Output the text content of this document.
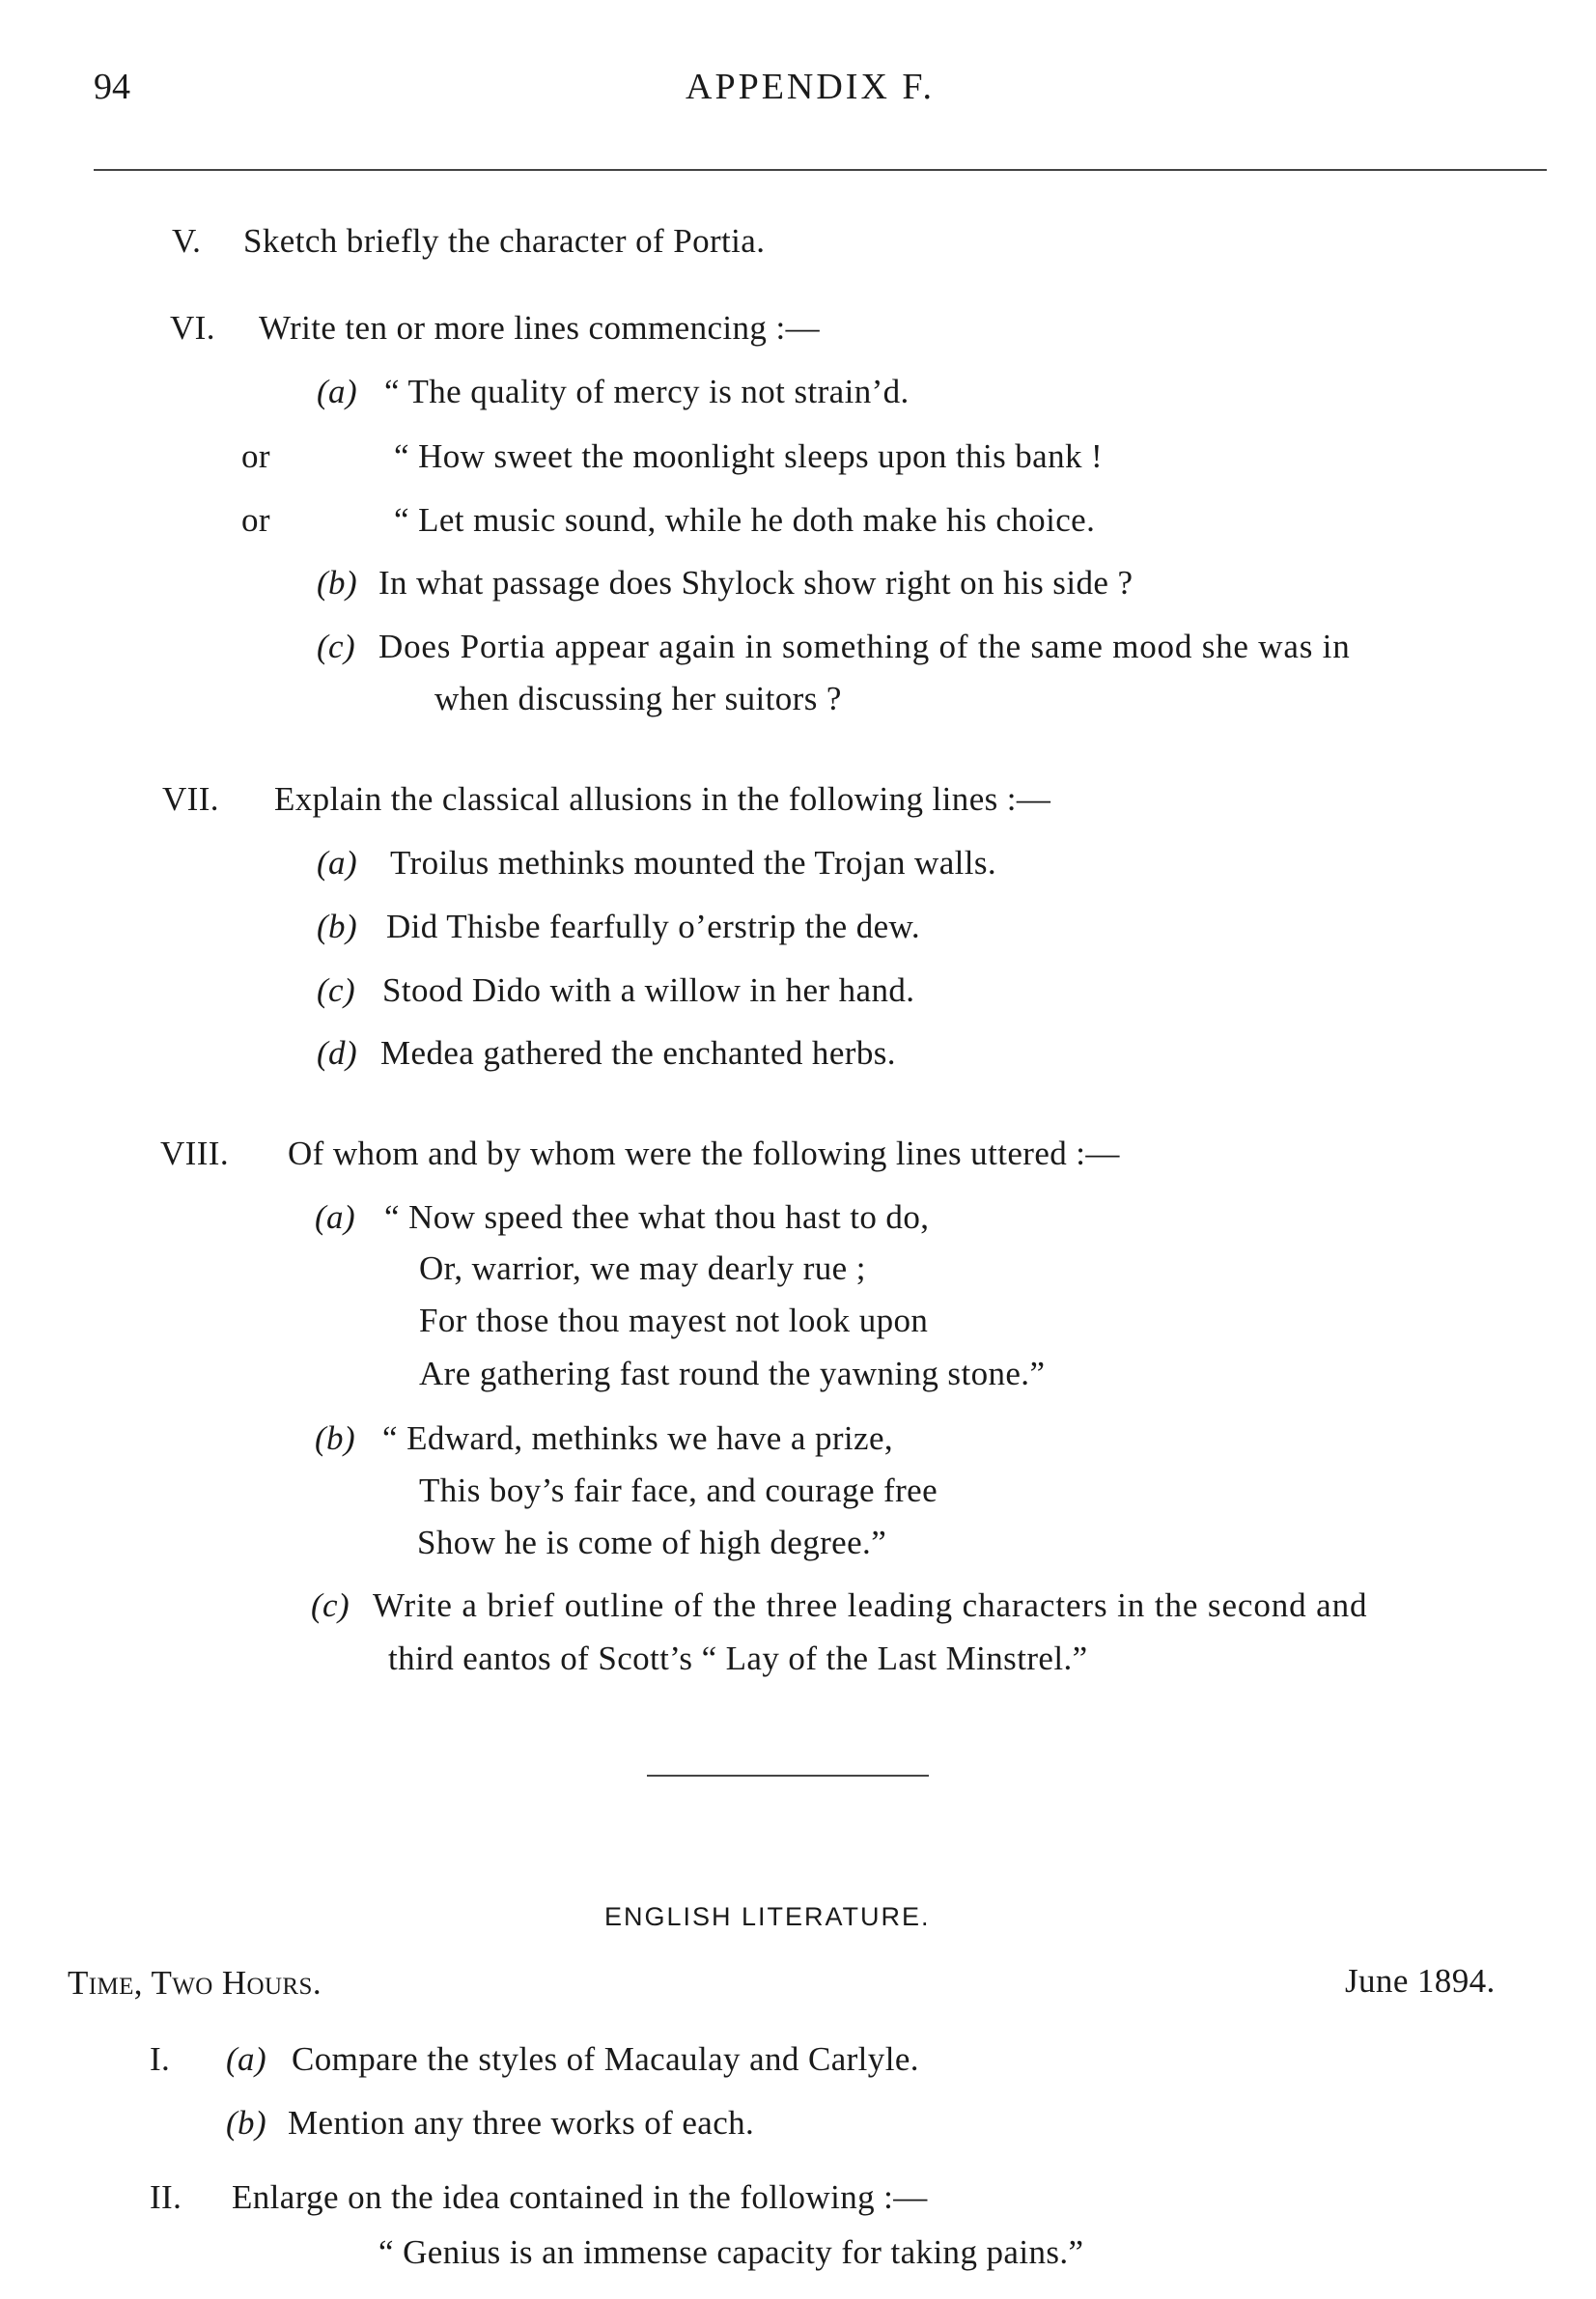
94	APPENDIX F.
V. Sketch briefly the character of Portia.
VI. Write ten or more lines commencing :—
(a) “ The quality of mercy is not strain’d.
or	“ How sweet the moonlight sleeps upon this bank !
or	“ Let music sound, while he doth make his choice.
(b) In what passage does Shylock show right on his side ?
(c) Does Portia appear again in something of the same mood she was in
when discussing her suitors ?
VII. Explain the classical allusions in the following lines :—
(a) Troilus methinks mounted the Trojan walls.
(b) Did Thisbe fearfully o’erstrip the dew.
(c) Stood Dido with a willow in her hand.
(d) Medea gathered the enchanted herbs.
VIII. Of whom and by whom were the following lines uttered :—
(a) “ Now speed thee what thou hast to do,
Or, warrior, we may dearly rue ;
For those thou mayest not look upon
Are gathering fast round the yawning stone.”
(b) “ Edward, methinks we have a prize,
This boy’s fair face, and courage free
Show he is come of high degree.”
(c) Write a brief outline of the three leading characters in the second and
third eantos of Scott’s “ Lay of the Last Minstrel.”
ENGLISH LITERATURE.
Time, Two Hours.	June 1894.
I. (a) Compare the styles of Macaulay and Carlyle.
(b) Mention any three works of each.
II. Enlarge on the idea contained in the following :—
“ Genius is an immense capacity for taking pains.”
